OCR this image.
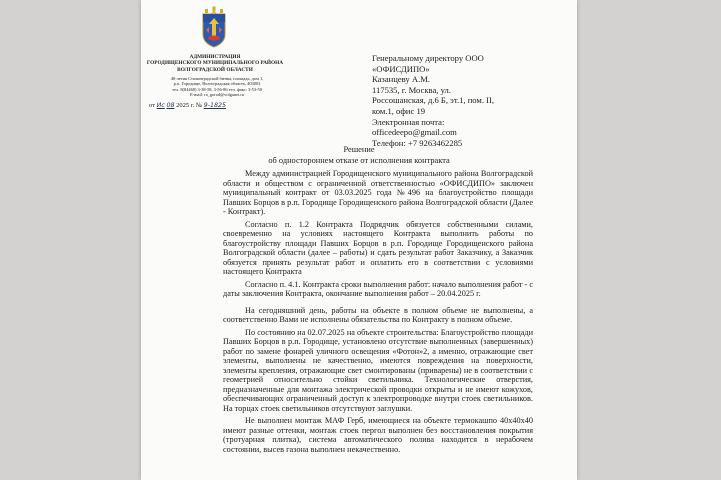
АДМИНИСТРАЦИЯ
ГОРОДИЩЕНСКОГО МУНИЦИПАЛЬНОГО РАЙОНА
ВОЛГОГРАДСКОЙ ОБЛАСТИ
40-летия Сталинградской битвы, площадь, дом 1,
р.п. Городище, Волгоградская область, 403003
тел. 8(84468) 3-38-58, 3-56-86 тел. факс: 3-53-50
E-mail: ra_gorod@volganet.ru
от Ис 08 2025 г. № 9-1825
Генеральному директору ООО
«ОФИСДИПО»
Казанцеву А.М.
117535, г. Москва, ул.
Россошанская, д.6 Б, эт.1, пом. II,
ком.1, офис 19
Электронная почта:
officedeepo@gmail.com
Телефон: +7 9263462285
Решение
об одностороннем отказе от исполнения контракта

Между администрацией Городищенского муниципального района Волгоградской области и обществом с ограниченной ответственностью «ОФИСДИПО» заключен муниципальный контракт от 03.03.2025 года №496 на благоустройство площади Павших Борцов в р.п. Городище Городищенского района Волгоградской области (Далее - Контракт).

Согласно п. 1.2 Контракта Подрядчик обязуется собственными силами, своевременно на условиях настоящего Контракта выполнить работы по благоустройству площади Павших Борцов в р.п. Городище Городищенского района Волгоградской области (далее – работы) и сдать результат работ Заказчику, а Заказчик обязуется принять результат работ и оплатить его в соответствии с условиями настоящего Контракта

Согласно п. 4.1. Контракта сроки выполнения работ: начало выполнения работ - с даты заключения Контракта, окончание выполнения работ – 20.04.2025 г.

На сегодняшний день, работы на объекте в полном объеме не выполнены, а соответственно Вами не исполнены обязательства по Контракту в полном объеме.

По состоянию на 02.07.2025 на объекте строительства: Благоустройство площади Павших Борцов в р.п. Городище, установлено отсутствие выполненных (завершенных) работ по замене фонарей уличного освещения «Фотон»2, а именно, отражающие свет элементы, выполнены не качественно, имеются повреждения на поверхности, элементы крепления, отражающие свет смонтированы (приварены) не в соответствии с геометрией относительно стойки светильника. Технологические отверстия, предназначенные для монтажа электрической проводки открыты и не имеют кожухов, обеспечивающих ограниченный доступ к электропроводке внутри стоек светильников. На торцах стоек светильников отсутствуют заглушки.

Не выполнен монтаж МАФ Герб, имеющиеся на объекте термокашпо 40х40х40 имеют разные оттенки, монтаж стоек пергол выполнен без восстановления покрытия (тротуарная плитка), система автоматического полива находится в нерабочем состоянии, высев газона выполнен некачественно.
